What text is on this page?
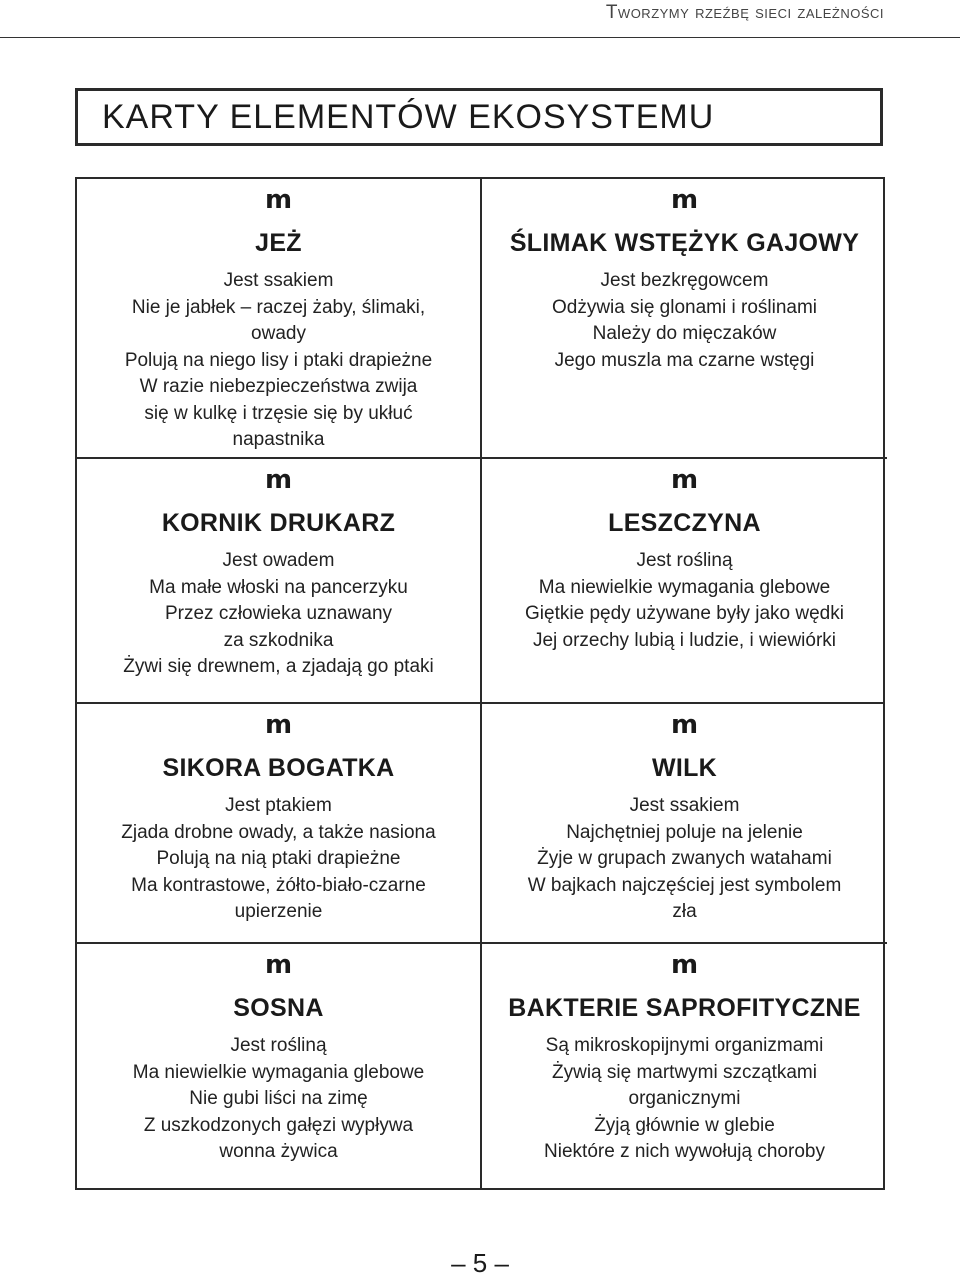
Tworzymy rzeźbę sieci zależności
KARTY ELEMENTÓW EKOSYSTEMU
m
JEŻ
Jest ssakiem
Nie je jabłek – raczej żaby, ślimaki,
owady
Polują na niego lisy i ptaki drapieżne
W razie niebezpieczeństwa zwija
się w kulkę i trzęsie się by ukłuć
napastnika
m
ŚLIMAK WSTĘŻYK GAJOWY
Jest bezkręgowcem
Odżywia się glonami i roślinami
Należy do mięczaków
Jego muszla ma czarne wstęgi
m
KORNIK DRUKARZ
Jest owadem
Ma małe włoski na pancerzyku
Przez człowieka uznawany
za szkodnika
Żywi się drewnem, a zjadają go ptaki
m
LESZCZYNA
Jest rośliną
Ma niewielkie wymagania glebowe
Giętkie pędy używane były jako wędki
Jej orzechy lubią i ludzie, i wiewiórki
m
SIKORA BOGATKA
Jest ptakiem
Zjada drobne owady, a także nasiona
Polują na nią ptaki drapieżne
Ma kontrastowe, żółto-biało-czarne
upierzenie
m
WILK
Jest ssakiem
Najchętniej poluje na jelenie
Żyje w grupach zwanych watahami
W bajkach najczęściej jest symbolem
zła
m
SOSNA
Jest rośliną
Ma niewielkie wymagania glebowe
Nie gubi liści na zimę
Z uszkodzonych gałęzi wypływa
wonna żywica
m
BAKTERIE SAPROFITYCZNE
Są mikroskopijnymi organizmami
Żywią się martwymi szczątkami
organicznymi
Żyją głównie w glebie
Niektóre z nich wywołują choroby
– 5 –
